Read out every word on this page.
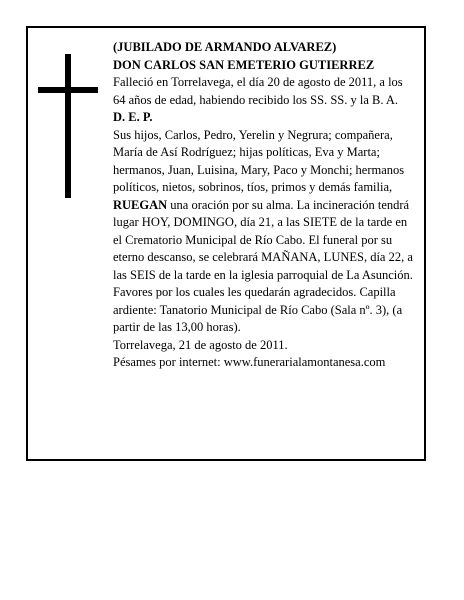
(JUBILADO DE ARMANDO ALVAREZ)

DON CARLOS SAN EMETERIO GUTIERREZ

Falleció en Torrelavega, el día 20 de agosto de 2011, a los 64 años de edad, habiendo recibido los SS. SS. y la B. A.

D. E. P.

Sus hijos, Carlos, Pedro, Yerelin y Negrura; compañera, María de Así Rodríguez; hijas políticas, Eva y Marta; hermanos, Juan, Luisina, Mary, Paco y Monchi; hermanos políticos, nietos, sobrinos, tíos, primos y demás familia,

RUEGAN una oración por su alma. La incineración tendrá lugar HOY, DOMINGO, día 21, a las SIETE de la tarde en el Crematorio Municipal de Río Cabo. El funeral por su eterno descanso, se celebrará MAÑANA, LUNES, día 22, a las SEIS de la tarde en la iglesia parroquial de La Asunción. Favores por los cuales les quedarán agradecidos. Capilla ardiente: Tanatorio Municipal de Río Cabo (Sala nº. 3), (a partir de las 13,00 horas).

Torrelavega, 21 de agosto de 2011.

Pésames por internet: www.funerarialamontanesa.com
